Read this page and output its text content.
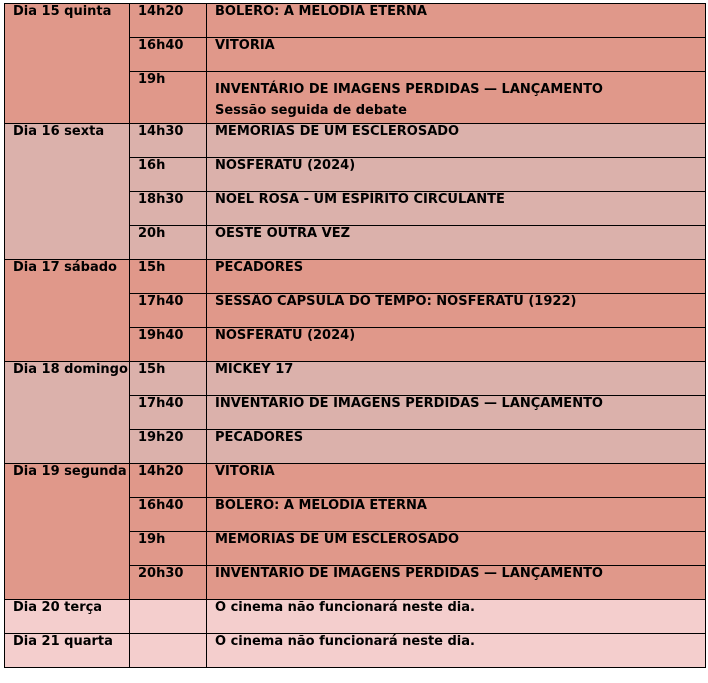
Dia 15 quinta	14h20	BOLERO: A MELODIA ETERNA
	16h40	VITÓRIA
	19h	INVENTÁRIO DE IMAGENS PERDIDAS — LANÇAMENTO
Sessão seguida de debate

Dia 16 sexta	14h30	MEMÓRIAS DE UM ESCLEROSADO
	16h	NOSFERATU (2024)
	18h30	NOEL ROSA - UM ESPÍRITO CIRCULANTE
	20h	OESTE OUTRA VEZ
Dia 17 sábado	15h	PECADORES
	17h40	SESSÃO CÁPSULA DO TEMPO: NOSFERATU (1922)
	19h40	NOSFERATU (2024)
Dia 18 domingo	15h	MICKEY 17
	17h40	INVENTÁRIO DE IMAGENS PERDIDAS — LANÇAMENTO
	19h20	PECADORES
Dia 19 segunda	14h20	VITÓRIA
	16h40	BOLERO: A MELODIA ETERNA
	19h	MEMÓRIAS DE UM ESCLEROSADO
	20h30	INVENTÁRIO DE IMAGENS PERDIDAS — LANÇAMENTO
Dia 20 terça		O cinema não funcionará neste dia.
Dia 21 quarta		O cinema não funcionará neste dia.
